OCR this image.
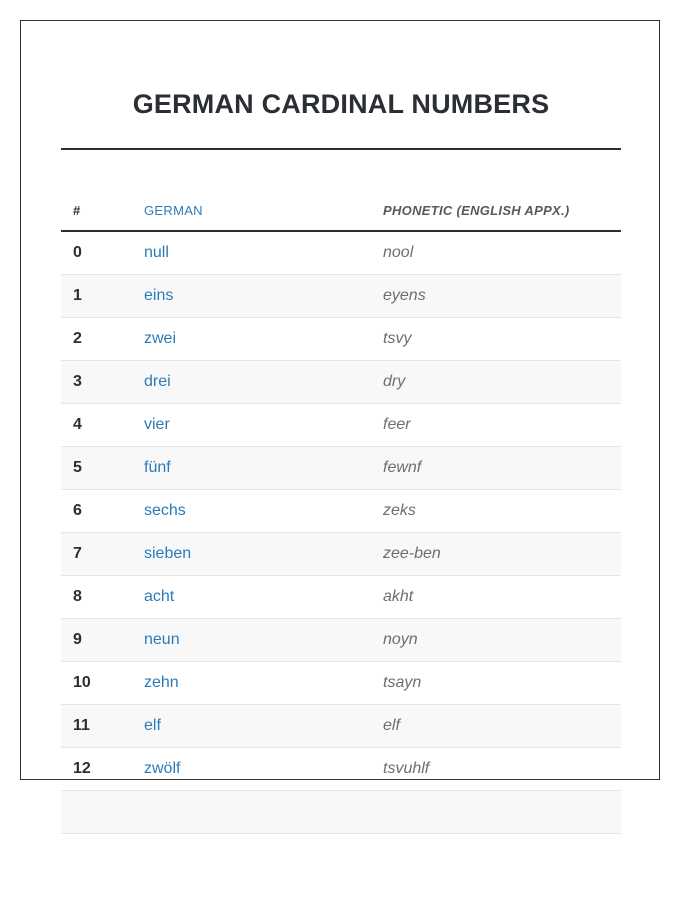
GERMAN CARDINAL NUMBERS
#	GERMAN	PHONETIC (ENGLISH APPX.)
0	null	nool
1	eins	eyens
2	zwei	tsvy
3	drei	dry
4	vier	feer
5	fünf	fewnf
6	sechs	zeks
7	sieben	zee-ben
8	acht	akht
9	neun	noyn
10	zehn	tsayn
11	elf	elf
12	zwölf	tsvuhlf
